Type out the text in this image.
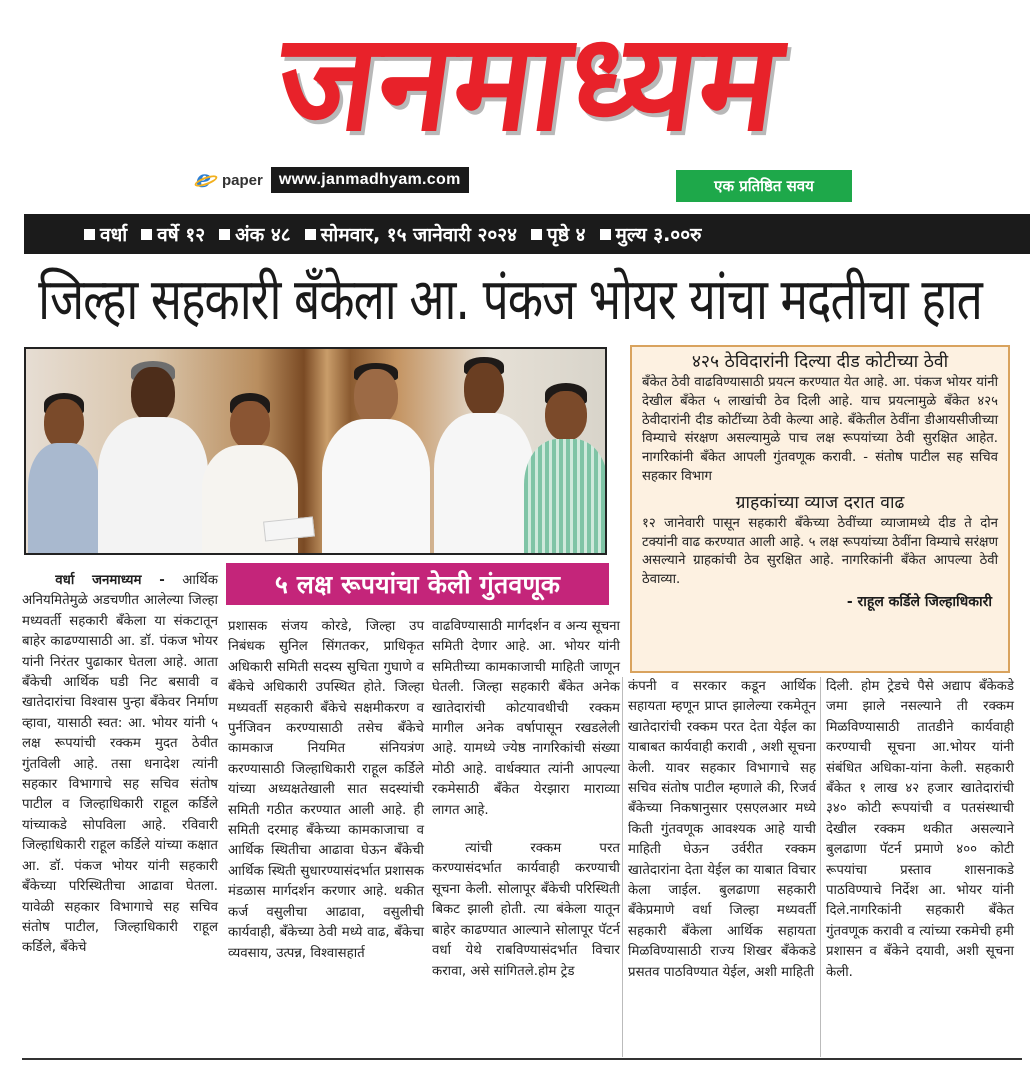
जनमाध्यम
e paper	www.janmadhyam.com	एक प्रतिष्ठित सवय
वर्धा वर्षे १२ अंक ४८ सोमवार, १५ जानेवारी २०२४ पृष्ठे ४ मुल्य ३.००रु
जिल्हा सहकारी बॅंकेला आ. पंकज भोयर यांचा मदतीचा हात
४२५ ठेविदारांनी दिल्या दीड कोटीच्या ठेवी

बॅंकेत ठेवी वाढविण्यासाठी प्रयत्न करण्यात येत आहे. आ. पंकज भोयर यांनी देखील बॅंकेत ५ लाखांची ठेव दिली आहे. याच प्रयत्नामुळे बॅंकेत ४२५ ठेवीदारांनी दीड कोटींच्या ठेवी केल्या आहे. बॅंकेतील ठेवींना डीआयसीजीच्या विम्याचे संरक्षण असल्यामुळे पाच लक्ष रूपयांच्या ठेवी सुरक्षित आहेत. नागरिकांनी बॅंकेत आपली गुंतवणूक करावी. - संतोष पाटील सह सचिव सहकार विभाग

ग्राहकांच्या व्याज दरात वाढ

१२ जानेवारी पासून सहकारी बॅंकेच्या ठेवींच्या व्याजामध्ये दीड ते दोन टक्यांनी वाढ करण्यात आली आहे. ५ लक्ष रूपयांच्या ठेवींना विम्याचे सरंक्षण असल्याने ग्राहकांची ठेव सुरक्षित आहे. नागरिकांनी बॅंकेत आपल्या ठेवी ठेवाव्या.

- राहूल कर्डिले जिल्हाधिकारी
५ लक्ष रूपयांचा केली गुंतवणूक

वर्धा जनमाध्यम - आर्थिक अनियमितेमुळे अडचणीत आलेल्या जिल्हा मध्यवर्ती सहकारी बॅंकेला या संकटातून बाहेर काढण्यासाठी आ. डॉ. पंकज भोयर यांनी निरंतर पुढाकार घेतला आहे. आता बॅंकेची आर्थिक घडी निट बसावी व खातेदारांचा विश्वास पुन्हा बॅंकेवर निर्माण व्हावा, यासाठी स्वत: आ. भोयर यांनी ५ लक्ष रूपयांची रक्कम मुदत ठेवीत गुंतविली आहे. तसा धनादेश त्यांनी सहकार विभागाचे सह सचिव संतोष पाटील व जिल्हाधिकारी राहूल कर्डिले यांच्याकडे सोपविला आहे. रविवारी जिल्हाधिकारी राहूल कर्डिले यांच्या कक्षात आ. डॉ. पंकज भोयर यांनी सहकारी बॅंकेच्या परिस्थितीचा आढावा घेतला. यावेळी सहकार विभागाचे सह सचिव संतोष पाटील, जिल्हाधिकारी राहूल कर्डिले, बॅंकेचे

प्रशासक संजय कोरडे, जिल्हा उप निबंधक सुनिल सिंगतकर, प्राधिकृत अधिकारी समिती सदस्य सुचिता गुघाणे व बॅंकेचे अधिकारी उपस्थित होते. जिल्हा मध्यवर्ती सहकारी बॅंकेचे सक्षमीकरण व पुर्नजिवन करण्यासाठी तसेच बॅंकेचे कामकाज नियमित संनियत्रंण करण्यासाठी जिल्हाधिकारी राहूल कर्डिले यांच्या अध्यक्षतेखाली सात सदस्यांची समिती गठीत करण्यात आली आहे. ही समिती दरमाह बॅंकेच्या कामकाजाचा व आर्थिक स्थितीचा आढावा घेऊन बॅंकेची आर्थिक स्थिती सुधारण्यासंदर्भात प्रशासक मंडळास मार्गदर्शन करणार आहे. थकीत कर्ज वसुलीचा आढावा, वसुलीची कार्यवाही, बॅंकेच्या ठेवी मध्ये वाढ, बॅंकेचा व्यवसाय, उत्पन्न, विश्वासहार्त

वाढविण्यासाठी मार्गदर्शन व अन्य सूचना समिती देणार आहे. आ. भोयर यांनी समितीच्या कामकाजाची माहिती जाणून घेतली. जिल्हा सहकारी बॅंकेत अनेक खातेदारांची कोटयावधीची रक्कम मागील अनेक वर्षापासून रखडलेली आहे. यामध्ये ज्येष्ठ नागरिकांची संख्या मोठी आहे. वार्धक्यात त्यांनी आपल्या रकमेसाठी बॅंकेत येरझारा माराव्या लागत आहे.

त्यांची रक्कम परत करण्यासंदर्भात कार्यवाही करण्याची सूचना केली. सोलापूर बॅंकेची परिस्थिती बिकट झाली होती. त्या बंकेला यातून बाहेर काढण्यात आल्याने सोलापूर पॅटर्न वर्धा येथे राबविण्यासंदर्भात विचार करावा, असे सांगितले.होम ट्रेड

कंपनी व सरकार कडून आर्थिक सहायता म्हणून प्राप्त झालेल्या रकमेतून खातेदारांची रक्कम परत देता येईल का याबाबत कार्यवाही करावी , अशी सूचना केली. यावर सहकार विभागाचे सह सचिव संतोष पाटील म्हणाले की, रिजर्व बॅंकेच्या निकषानुसार एसएलआर मध्ये किती गुंतवणूक आवश्यक आहे याची माहिती घेऊन उर्वरीत रक्कम खातेदारांना देता येईल का याबात विचार केला जाईल. बुलढाणा सहकारी बॅंकेप्रमाणे वर्धा जिल्हा मध्यवर्ती सहकारी बॅंकेला आर्थिक सहायता मिळविण्यासाठी राज्य शिखर बॅंकेकडे प्रसतव पाठविण्यात येईल, अशी माहिती

दिली. होम ट्रेडचे पैसे अद्याप बॅंकेकडे जमा झाले नसल्याने ती रक्कम मिळविण्यासाठी तातडीने कार्यवाही करण्याची सूचना आ.भोयर यांनी संबंधित अधिका-यांना केली. सहकारी बॅंकेत १ लाख ४२ हजार खातेदारांची ३४० कोटी रूपयांची व पतसंस्थाची देखील रक्कम थकीत असल्याने बुलढाणा पॅटर्न प्रमाणे ४०० कोटी रूपयांचा प्रस्ताव शासनाकडे पाठविण्याचे निर्देश आ. भोयर यांनी दिले.नागरिकांनी सहकारी बॅंकेत गुंतवणूक करावी व त्यांच्या रकमेची हमी प्रशासन व बॅंकेने दयावी, अशी सूचना केली.
